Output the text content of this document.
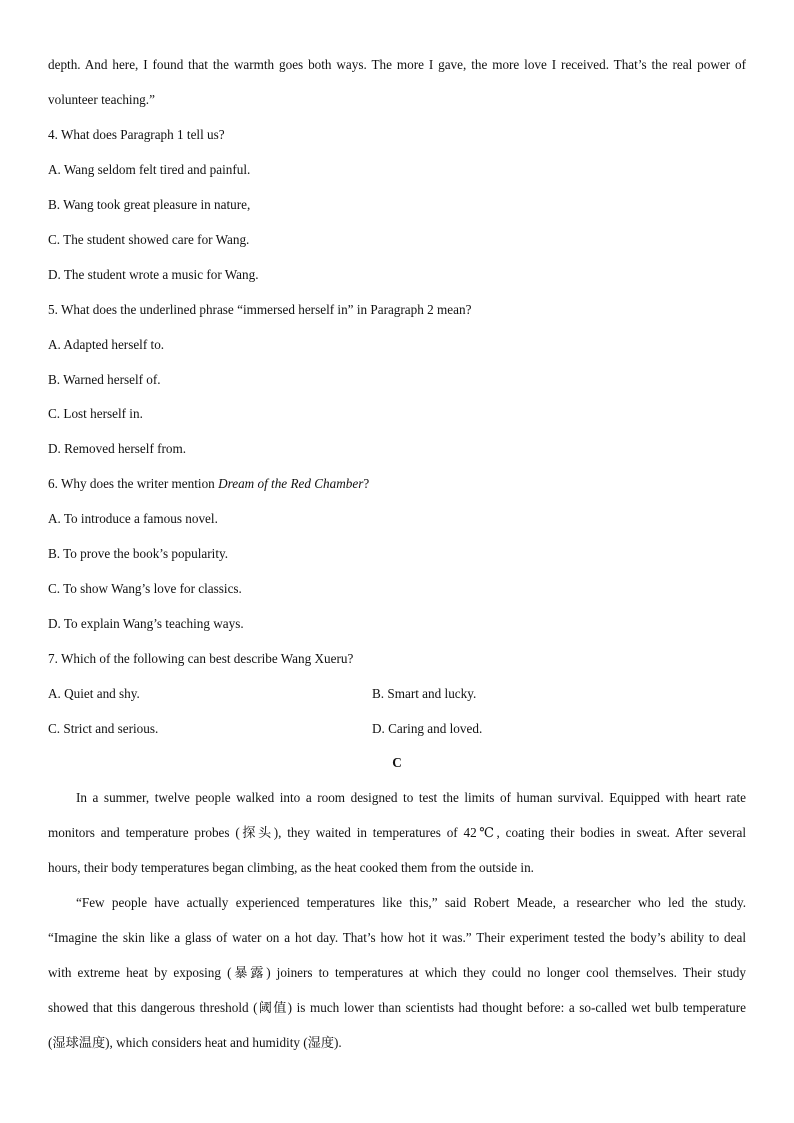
depth. And here, I found that the warmth goes both ways. The more I gave, the more love I received. That’s the real power of
volunteer teaching.”
4. What does Paragraph 1 tell us?
A. Wang seldom felt tired and painful.
B. Wang took great pleasure in nature,
C. The student showed care for Wang.
D. The student wrote a music for Wang.
5. What does the underlined phrase “immersed herself in” in Paragraph 2 mean?
A. Adapted herself to.
B. Warned herself of.
C. Lost herself in.
D. Removed herself from.
6. Why does the writer mention Dream of the Red Chamber?
A. To introduce a famous novel.
B. To prove the book’s popularity.
C. To show Wang’s love for classics.
D. To explain Wang’s teaching ways.
7. Which of the following can best describe Wang Xueru?
A. Quiet and shy.	B. Smart and lucky.
C. Strict and serious.	D. Caring and loved.
C
In a summer, twelve people walked into a room designed to test the limits of human survival. Equipped with heart rate
monitors and temperature probes (探头), they waited in temperatures of 42℃, coating their bodies in sweat. After several
hours, their body temperatures began climbing, as the heat cooked them from the outside in.
“Few people have actually experienced temperatures like this,” said Robert Meade, a researcher who led the study.
“Imagine the skin like a glass of water on a hot day. That’s how hot it was.” Their experiment tested the body’s ability to deal
with extreme heat by exposing (暴露) joiners to temperatures at which they could no longer cool themselves. Their study
showed that this dangerous threshold (阈值) is much lower than scientists had thought before: a so-called wet bulb temperature
(湿球温度), which considers heat and humidity (湿度).
